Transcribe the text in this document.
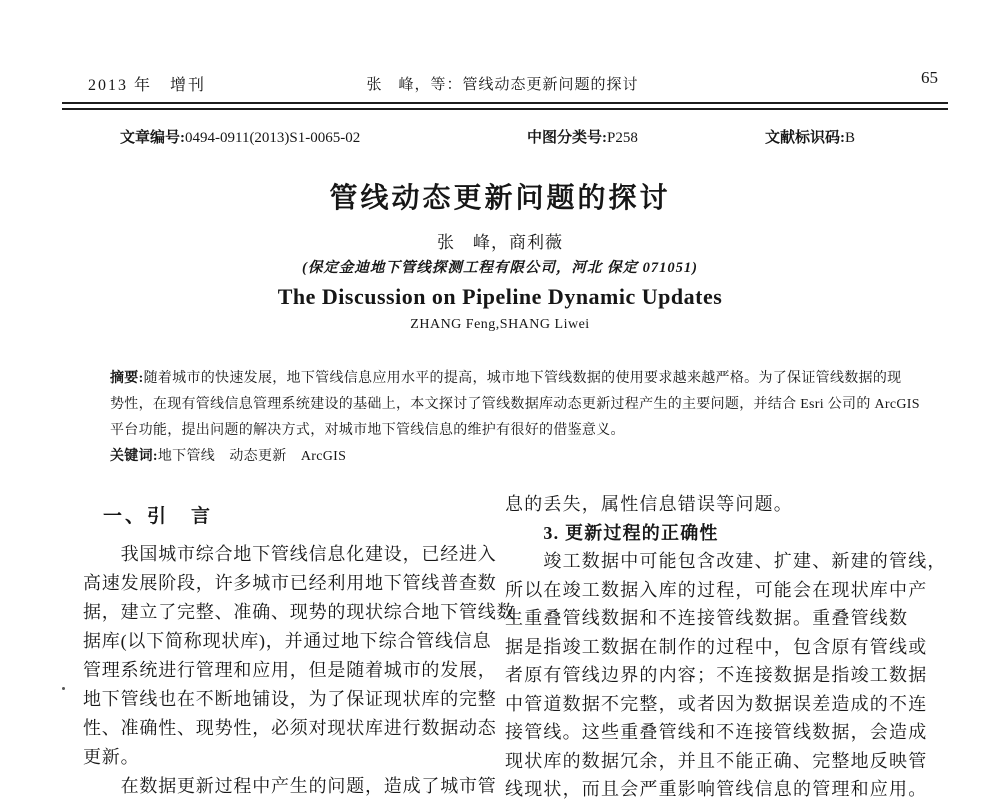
2013 年　增刊	张　峰，等：管线动态更新问题的探讨	65
文章编号:0494-0911(2013)S1-0065-02	中图分类号:P258	文献标识码:B
管线动态更新问题的探讨
张　峰，商利薇
(保定金迪地下管线探测工程有限公司，河北 保定 071051)
The Discussion on Pipeline Dynamic Updates
ZHANG Feng,SHANG Liwei
摘要:随着城市的快速发展，地下管线信息应用水平的提高，城市地下管线数据的使用要求越来越严格。为了保证管线数据的现
势性，在现有管线信息管理系统建设的基础上，本文探讨了管线数据库动态更新过程产生的主要问题，并结合 Esri 公司的 ArcGIS
平台功能，提出问题的解决方式，对城市地下管线信息的维护有很好的借鉴意义。
关键词:地下管线　动态更新　ArcGIS
一、引　言
　　我国城市综合地下管线信息化建设，已经进入
高速发展阶段，许多城市已经利用地下管线普查数
据，建立了完整、准确、现势的现状综合地下管线数
据库(以下简称现状库)，并通过地下综合管线信息
管理系统进行管理和应用，但是随着城市的发展，
地下管线也在不断地铺设，为了保证现状库的完整
性、准确性、现势性，必须对现状库进行数据动态
更新。
　　在数据更新过程中产生的问题，造成了城市管
息的丢失，属性信息错误等问题。
　　3. 更新过程的正确性
　　竣工数据中可能包含改建、扩建、新建的管线，
所以在竣工数据入库的过程，可能会在现状库中产
生重叠管线数据和不连接管线数据。重叠管线数
据是指竣工数据在制作的过程中，包含原有管线或
者原有管线边界的内容；不连接数据是指竣工数据
中管道数据不完整，或者因为数据误差造成的不连
接管线。这些重叠管线和不连接管线数据，会造成
现状库的数据冗余，并且不能正确、完整地反映管
线现状，而且会严重影响管线信息的管理和应用。
